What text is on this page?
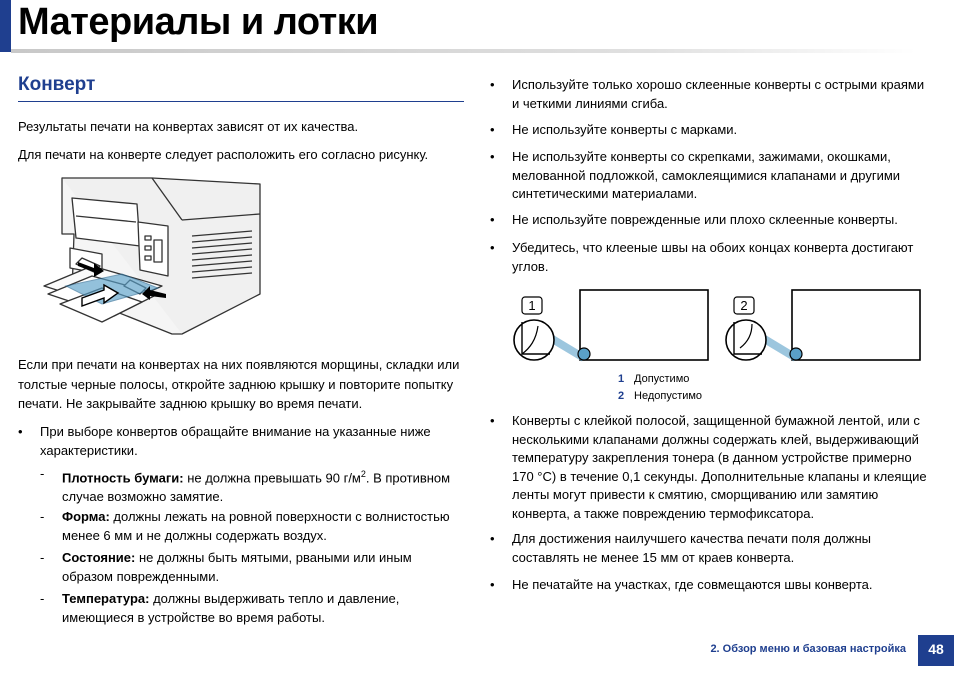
Материалы и лотки
Конверт

Результаты печати на конвертах зависят от их качества.

Для печати на конверте следует расположить его согласно рисунку.

Если при печати на конвертах на них появляются морщины, складки или толстые черные полосы, откройте заднюю крышку и повторите попытку печати. Не закрывайте заднюю крышку во время печати.

• При выборе конвертов обращайте внимание на указанные ниже характеристики.
- Плотность бумаги: не должна превышать 90 $г/м^2$. В противном случае возможно замятие.
- Форма: должны лежать на ровной поверхности с волнистостью менее 6 мм и не должны содержать воздух.
- Состояние: не должны быть мятыми, рваными или иным образом поврежденными.
- Температура: должны выдерживать тепло и давление, имеющиеся в устройстве во время работы.
• Используйте только хорошо склеенные конверты с острыми краями и четкими линиями сгиба.
• Не используйте конверты с марками.
• Не используйте конверты со скрепками, зажимами, окошками, мелованной подложкой, самоклеящимися клапанами и другими синтетическими материалами.
• Не используйте поврежденные или плохо склеенные конверты.
• Убедитесь, что клееные швы на обоих концах конверта достигают углов.
1	2
1 Допустимо
2 Недопустимо
• Конверты с клейкой полосой, защищенной бумажной лентой, или с несколькими клапанами должны содержать клей, выдерживающий температуру закрепления тонера (в данном устройстве примерно 170 °C) в течение 0,1 секунды. Дополнительные клапаны и клеящие ленты могут привести к смятию, сморщиванию или замятию конверта, а также повреждению термофиксатора.
• Для достижения наилучшего качества печати поля должны составлять не менее 15 мм от краев конверта.
• Не печатайте на участках, где совмещаются швы конверта.
2. Обзор меню и базовая настройка	48
